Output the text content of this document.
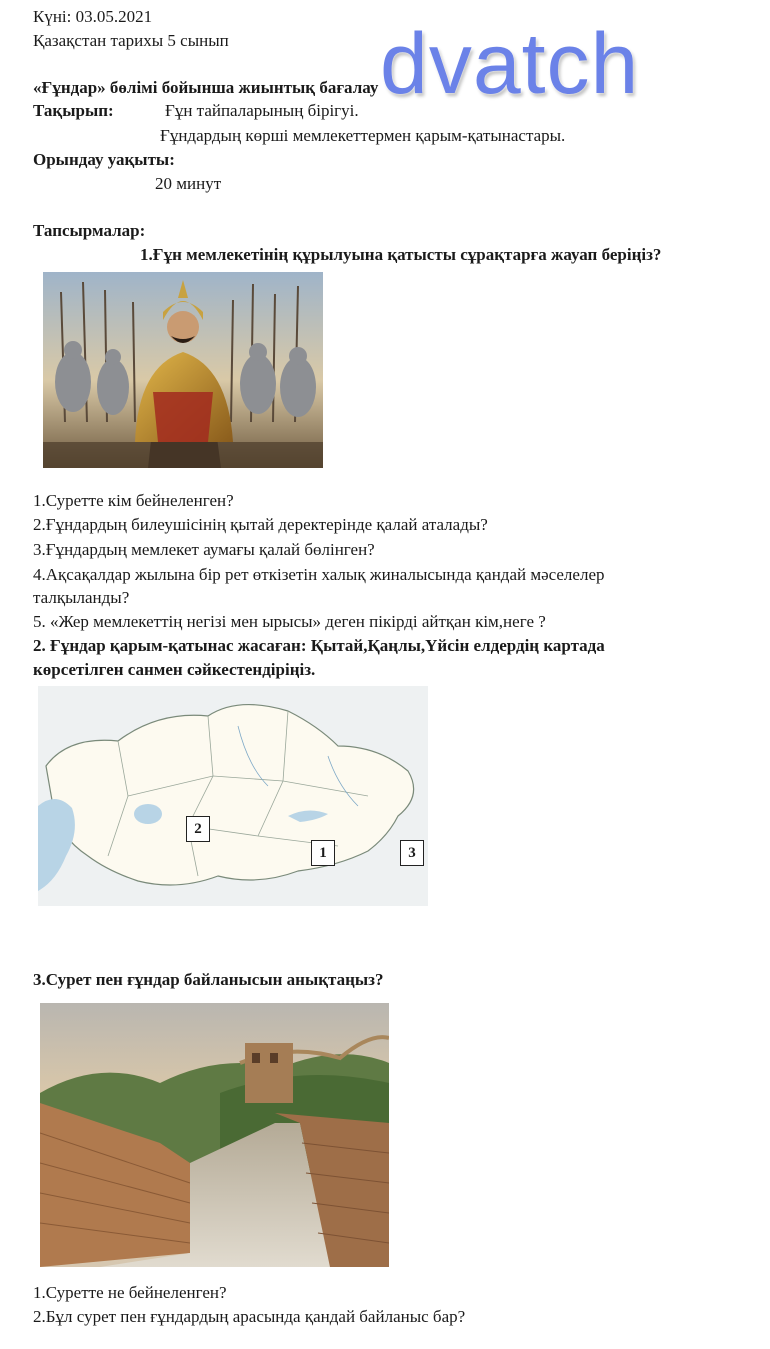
Күні: 03.05.2021
Қазақстан тарихы 5 сынып
«Ғұндар» бөлімі бойынша жиынтық бағалау
Тақырып:	Ғұн тайпаларының бірігуі.
Ғұндардың көрші мемлекеттермен қарым-қатынастары.
Орындау уақыты:
20 минут
dvatch
Тапсырмалар:
1.Ғұн мемлекетінің құрылуына қатысты сұрақтарға жауап беріңіз?
1.Суретте кім бейнеленген?
2.Ғұндардың билеушісінің қытай деректерінде қалай аталады?
3.Ғұндардың мемлекет аумағы қалай бөлінген?
4.Ақсақалдар жылына бір рет өткізетін халық жиналысында қандай мәселелер
талқыланды?
5. «Жер мемлекеттің негізі мен ырысы» деген пікірді айтқан кім,неге ?
2. Ғұндар қарым-қатынас жасаған: Қытай,Қаңлы,Үйсін елдердің картада
көрсетілген санмен сәйкестендіріңіз.
2
1	3
3.Сурет пен ғұндар байланысын анықтаңыз?
1.Суретте не бейнеленген?
2.Бұл сурет пен ғұндардың арасында қандай байланыс бар?
